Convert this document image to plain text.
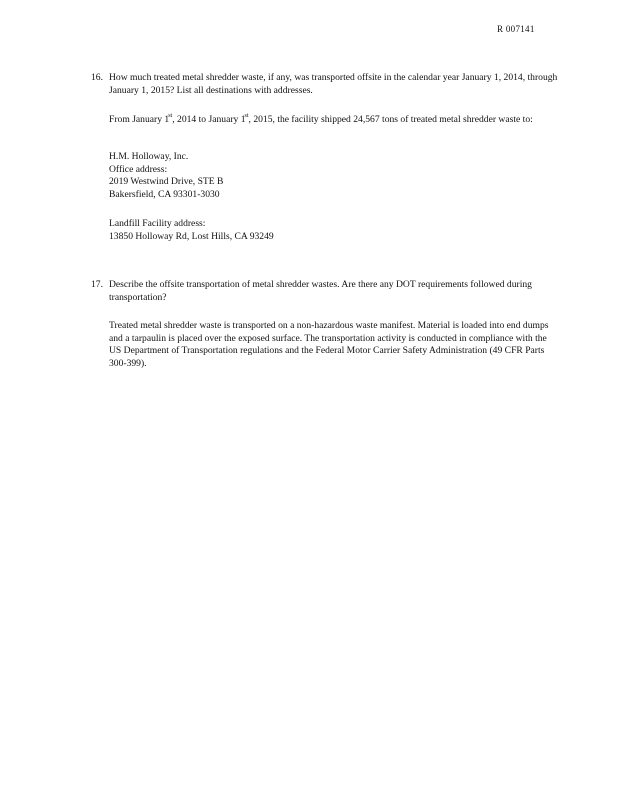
R 007141
16. How much treated metal shredder waste, if any, was transported offsite in the calendar year January 1, 2014, through January 1, 2015? List all destinations with addresses.
From January 1st, 2014 to January 1st, 2015, the facility shipped 24,567 tons of treated metal shredder waste to:
H.M. Holloway, Inc.
Office address:
2019 Westwind Drive, STE B
Bakersfield, CA 93301-3030
Landfill Facility address:
13850 Holloway Rd, Lost Hills, CA 93249
17. Describe the offsite transportation of metal shredder wastes. Are there any DOT requirements followed during transportation?
Treated metal shredder waste is transported on a non-hazardous waste manifest. Material is loaded into end dumps and a tarpaulin is placed over the exposed surface. The transportation activity is conducted in compliance with the US Department of Transportation regulations and the Federal Motor Carrier Safety Administration (49 CFR Parts 300-399).
